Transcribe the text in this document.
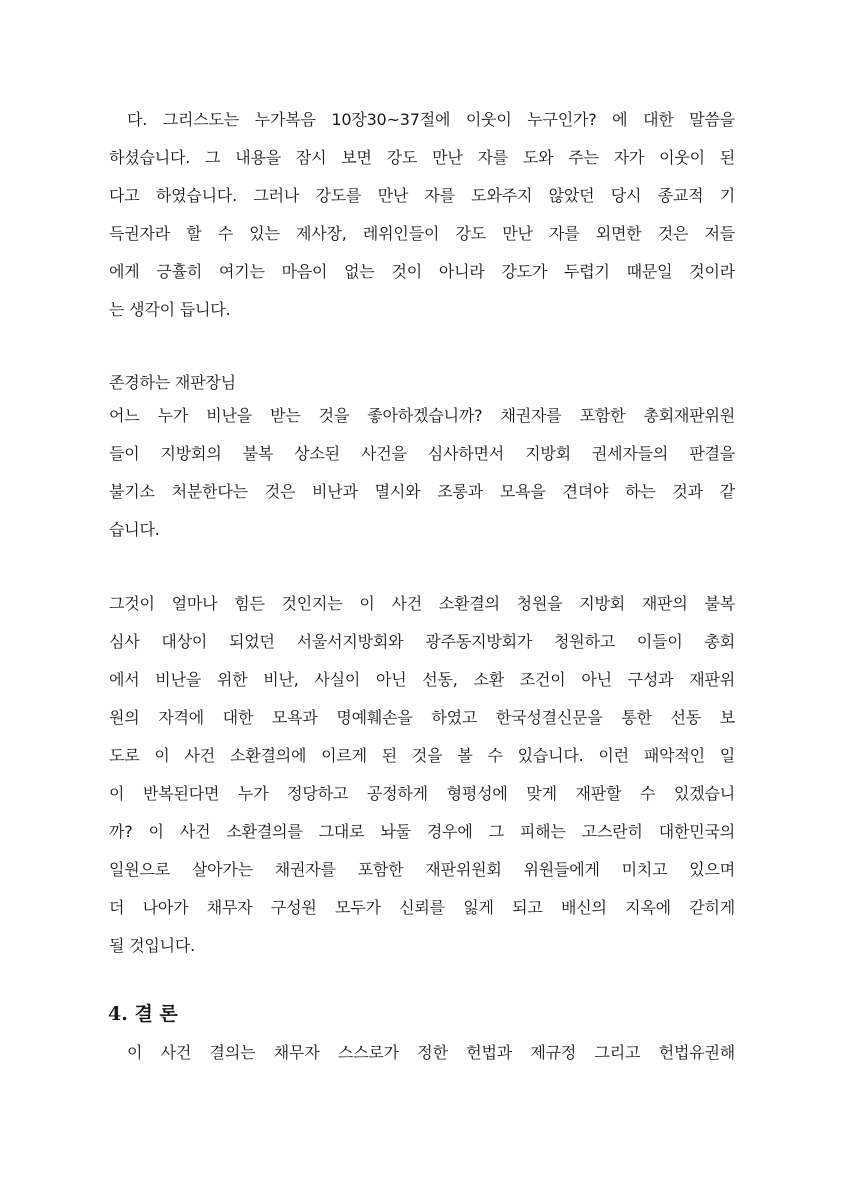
다. 그리스도는 누가복음 10장30~37절에 이웃이 누구인가? 에 대한 말씀을
하셨습니다. 그 내용을 잠시 보면 강도 만난 자를 도와 주는 자가 이웃이 된
다고 하였습니다. 그러나 강도를 만난 자를 도와주지 않았던 당시 종교적 기
득권자라 할 수 있는 제사장, 레위인들이 강도 만난 자를 외면한 것은 저들
에게 긍휼히 여기는 마음이 없는 것이 아니라 강도가 두렵기 때문일 것이라
는 생각이 듭니다.
존경하는 재판장님
어느 누가 비난을 받는 것을 좋아하겠습니까? 채권자를 포함한 총회재판위원
들이 지방회의 불복 상소된 사건을 심사하면서 지방회 권세자들의 판결을
불기소 처분한다는 것은 비난과 멸시와 조롱과 모욕을 견뎌야 하는 것과 같
습니다.
그것이 얼마나 힘든 것인지는 이 사건 소환결의 청원을 지방회 재판의 불복
심사 대상이 되었던 서울서지방회와 광주동지방회가 청원하고 이들이 총회
에서 비난을 위한 비난, 사실이 아닌 선동, 소환 조건이 아닌 구성과 재판위
원의 자격에 대한 모욕과 명예훼손을 하였고 한국성결신문을 통한 선동 보
도로 이 사건 소환결의에 이르게 된 것을 볼 수 있습니다. 이런 패악적인 일
이 반복된다면 누가 정당하고 공정하게 형평성에 맞게 재판할 수 있겠습니
까? 이 사건 소환결의를 그대로 놔둘 경우에 그 피해는 고스란히 대한민국의
일원으로 살아가는 채권자를 포함한 재판위원회 위원들에게 미치고 있으며
더 나아가 채무자 구성원 모두가 신뢰를 잃게 되고 배신의 지옥에 갇히게
될 것입니다.
4. 결 론
이 사건 결의는 채무자 스스로가 정한 헌법과 제규정 그리고 헌법유권해
